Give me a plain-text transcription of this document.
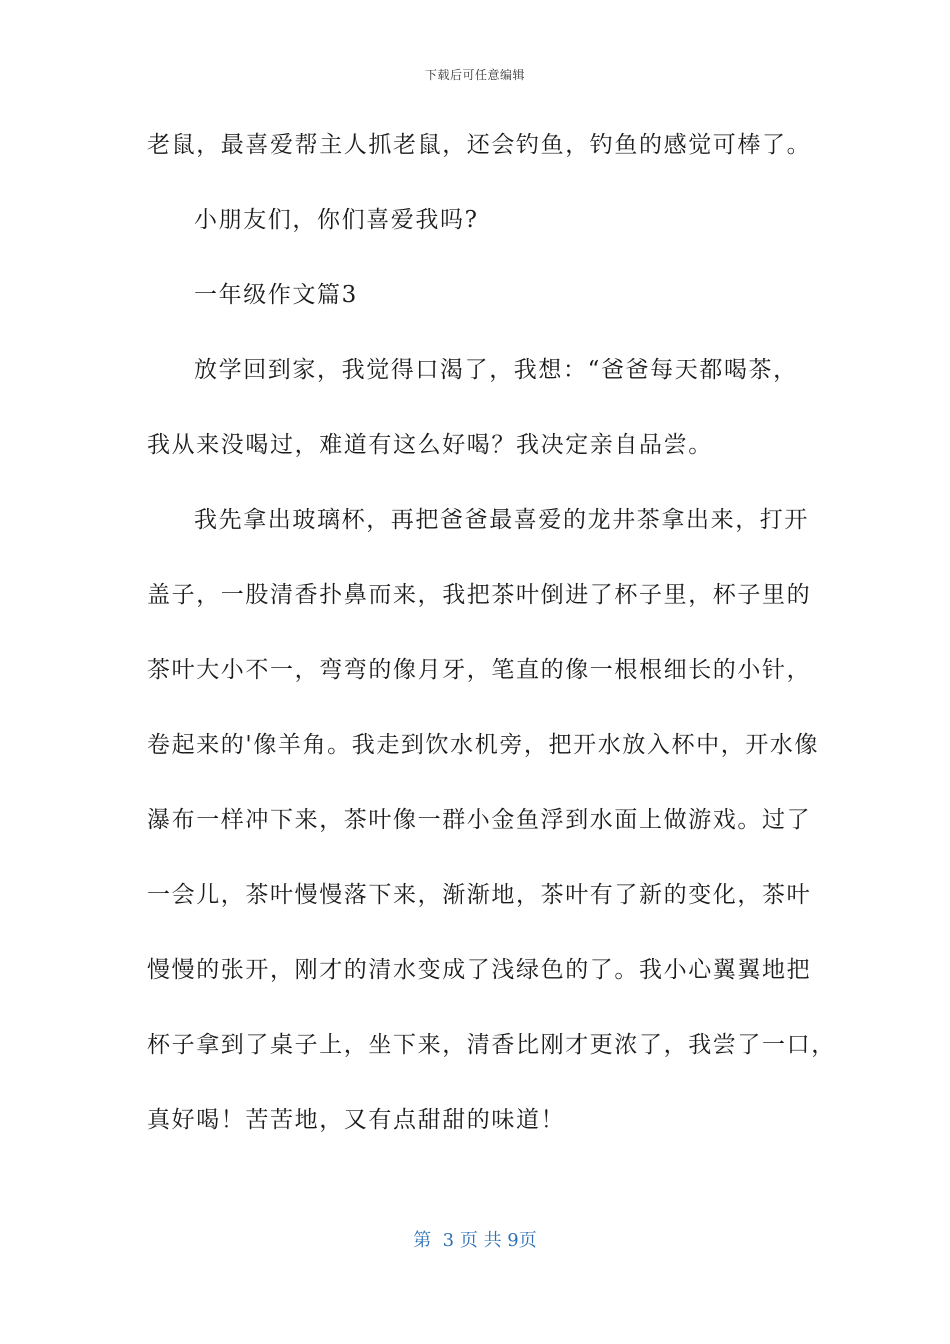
下载后可任意编辑
老鼠，最喜爱帮主人抓老鼠，还会钓鱼，钓鱼的感觉可棒了。
小朋友们，你们喜爱我吗?
一年级作文篇3
放学回到家，我觉得口渴了，我想：“爸爸每天都喝茶，
我从来没喝过，难道有这么好喝？我决定亲自品尝。
我先拿出玻璃杯，再把爸爸最喜爱的龙井茶拿出来，打开
盖子，一股清香扑鼻而来，我把茶叶倒进了杯子里，杯子里的
茶叶大小不一，弯弯的像月牙，笔直的像一根根细长的小针，
卷起来的'像羊角。我走到饮水机旁，把开水放入杯中，开水像
瀑布一样冲下来，茶叶像一群小金鱼浮到水面上做游戏。过了
一会儿，茶叶慢慢落下来，渐渐地，茶叶有了新的变化，茶叶
慢慢的张开，刚才的清水变成了浅绿色的了。我小心翼翼地把
杯子拿到了桌子上，坐下来，清香比刚才更浓了，我尝了一口，
真好喝！苦苦地，又有点甜甜的味道！
第  3 页 共 9页
